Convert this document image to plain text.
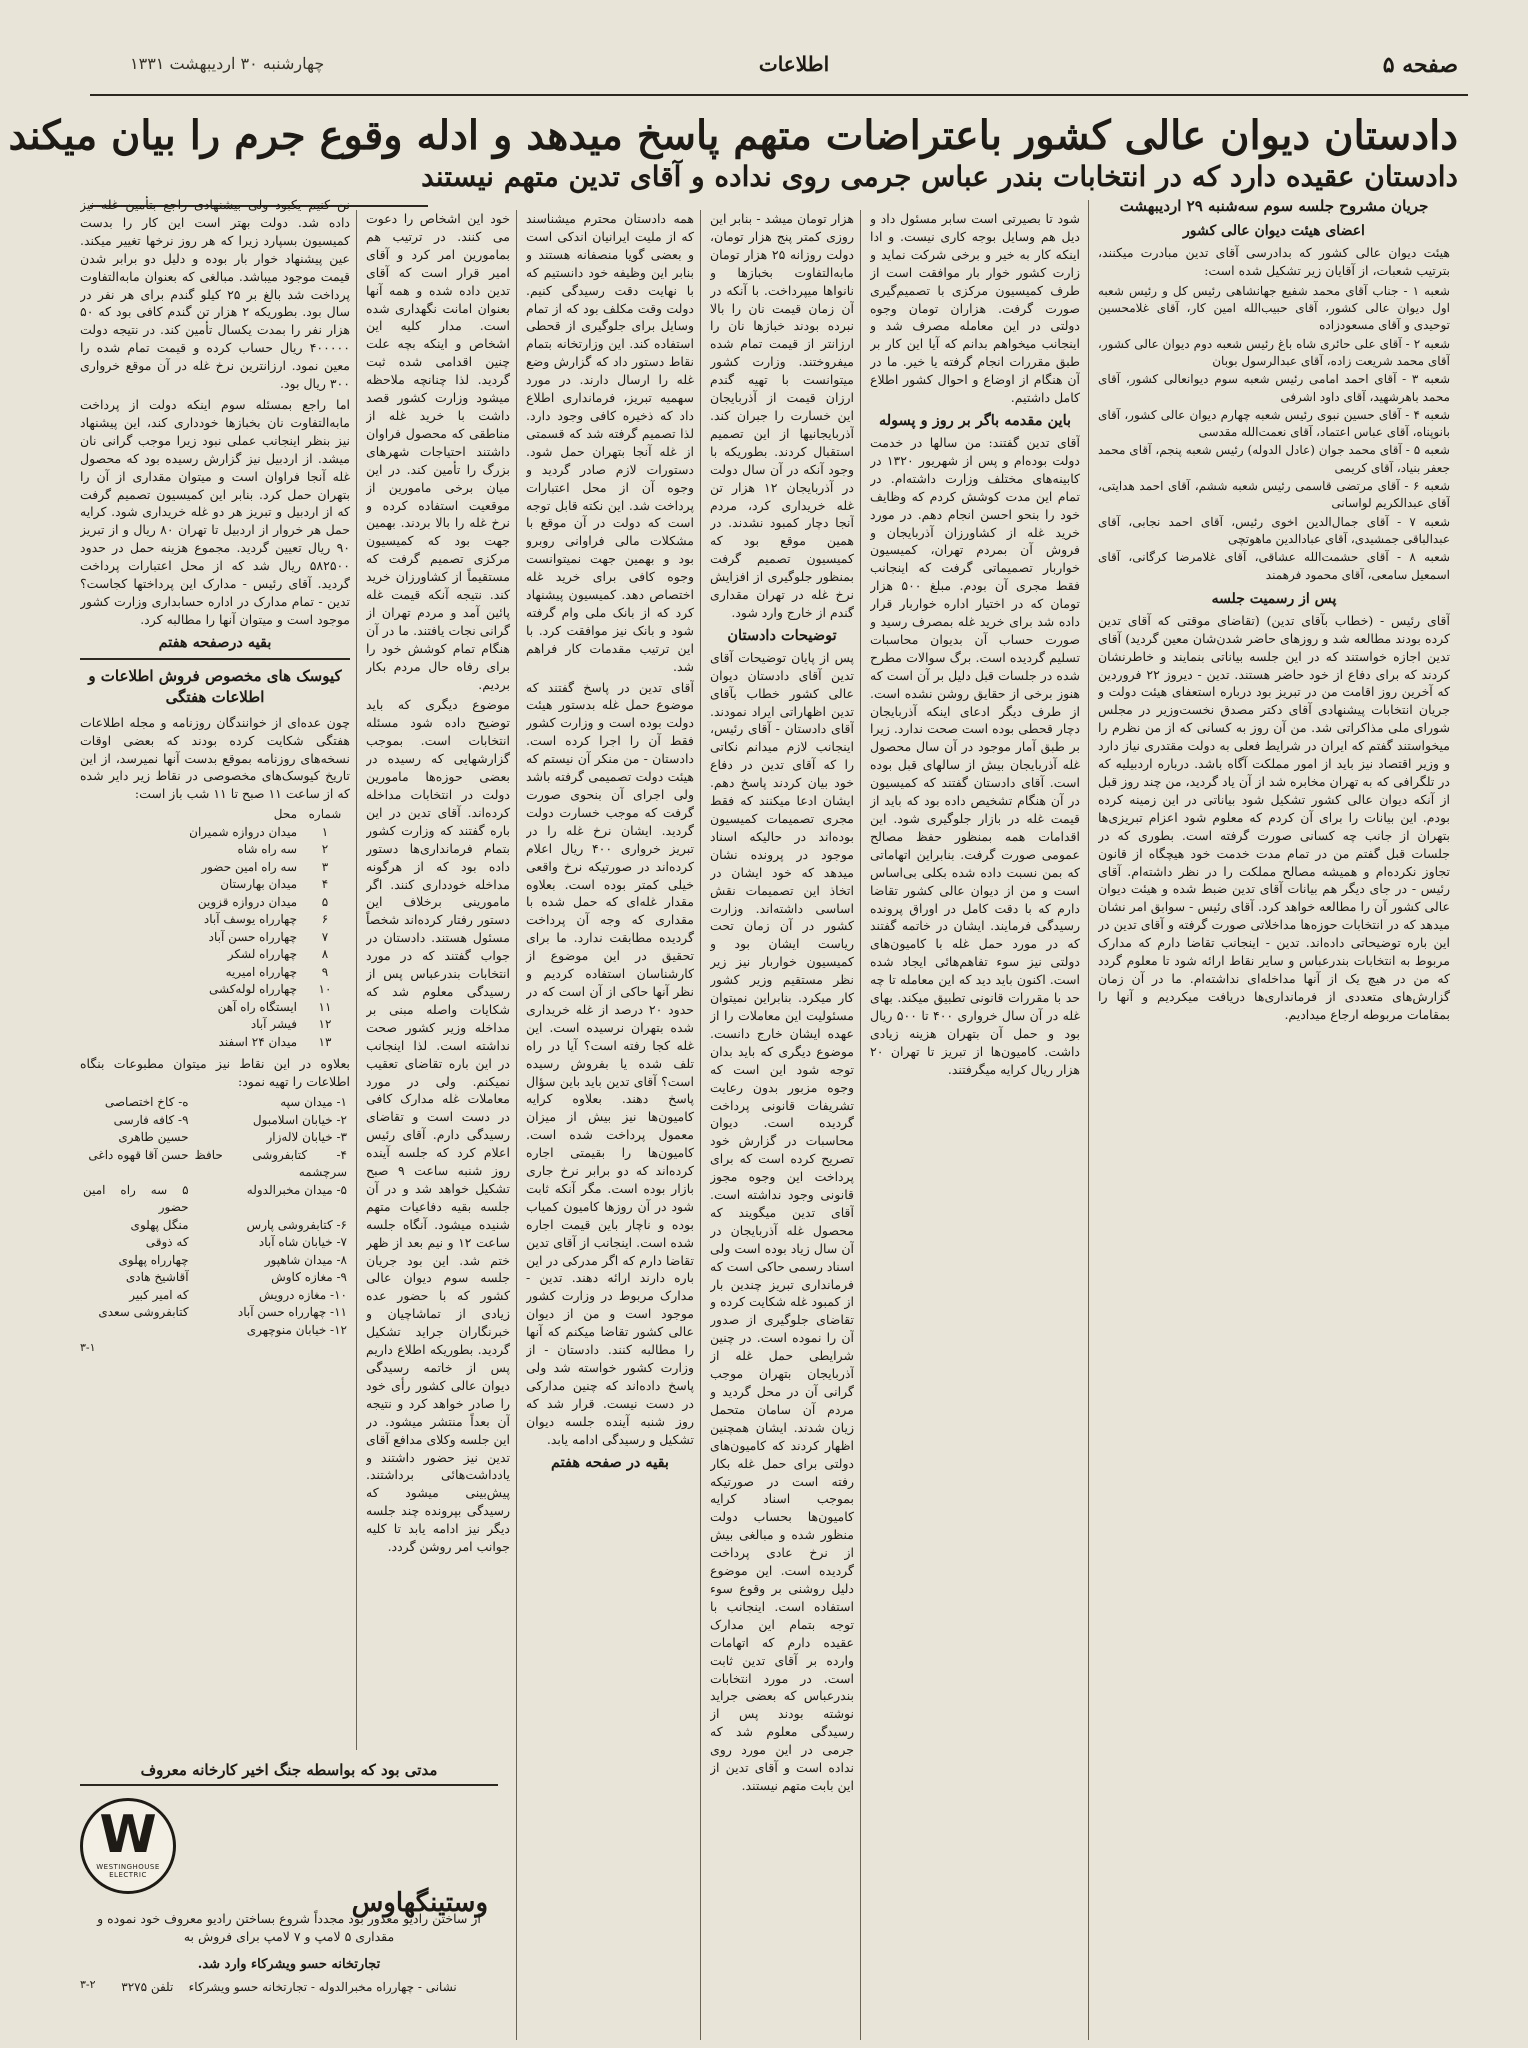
صفحه ۵
اطلاعات
چهارشنبه ۳۰ اردیبهشت ۱۳۳۱
دادستان دیوان عالی کشور باعتراضات متهم پاسخ میدهد و ادله وقوع جرم را بیان میکند
دادستان عقیده دارد که در انتخابات بندر عباس جرمی روی نداده و آقای تدین متهم نیستند
جریان مشروح جلسه سوم سه‌شنبه ۲۹ اردیبهشت
اعضای هیئت دیوان عالی کشور

هیئت دیوان عالی کشور که بدادرسی آقای تدین مبادرت میکنند، بترتیب شعبات، از آقایان زیر تشکیل شده است:

شعبه ۱ - جناب آقای محمد شفیع جهانشاهی رئیس کل و رئیس شعبه اول دیوان عالی کشور، آقای حبیب‌الله امین کار، آقای غلامحسین توحیدی و آقای مسعودزاده
شعبه ۲ - آقای علی حائری شاه باغ رئیس شعبه دوم دیوان عالی کشور، آقای محمد شریعت زاده، آقای عبدالرسول بوبان
شعبه ۳ - آقای احمد امامی رئیس شعبه سوم دیوانعالی کشور، آقای محمد باهرشهید، آقای داود اشرفی
شعبه ۴ - آقای حسین نبوی رئیس شعبه چهارم دیوان عالی کشور، آقای بانوپناه، آقای عباس اعتماد، آقای نعمت‌الله مقدسی
شعبه ۵ - آقای محمد جوان (عادل الدوله) رئیس شعبه پنجم، آقای محمد جعفر بنیاد، آقای کریمی
شعبه ۶ - آقای مرتضی قاسمی رئیس شعبه ششم، آقای احمد هدایتی، آقای عبدالکریم لواسانی
شعبه ۷ - آقای جمال‌الدین اخوی رئیس، آقای احمد نجابی، آقای عبدالباقی جمشیدی، آقای عبادالدین ماهوتچی
شعبه ۸ - آقای حشمت‌الله عشاقی، آقای غلامرضا کرگانی، آقای اسمعیل سامعی، آقای محمود فرهمند
پس از رسمیت جلسه

آقای رئیس - (خطاب بآقای تدین) (تقاضای موقتی که آقای تدین کرده بودند مطالعه شد و روزهای حاضر شدن‌شان معین گردید) آقای تدین اجازه خواستند که در این جلسه بیاناتی بنمایند و خاطرنشان کردند که برای دفاع از خود حاضر هستند. تدین - دیروز ۲۲ فروردین که آخرین روز اقامت من در تبریز بود درباره استعفای هیئت دولت و جریان انتخابات پیشنهادی آقای دکتر مصدق نخست‌وزیر در مجلس شورای ملی مذاکراتی شد. من آن روز به کسانی که از من نظرم را میخواستند گفتم که ایران در شرایط فعلی به دولت مقتدری نیاز دارد و وزیر اقتصاد نیز باید از امور مملکت آگاه باشد. درباره اردبیلیه که در تلگرافی که به تهران مخابره شد از آن یاد گردید، من چند روز قبل از آنکه دیوان عالی کشور تشکیل شود بیاناتی در این زمینه کرده بودم. این بیانات را برای آن کردم که معلوم شود اعزام تبریزی‌ها بتهران از جانب چه کسانی صورت گرفته است. بطوری که در جلسات قبل گفتم من در تمام مدت خدمت خود هیچگاه از قانون تجاوز نکرده‌ام و همیشه مصالح مملکت را در نظر داشته‌ام. آقای رئیس - در جای دیگر هم بیانات آقای تدین ضبط شده و هیئت دیوان عالی کشور آن را مطالعه خواهد کرد. آقای رئیس - سوابق امر نشان میدهد که در انتخابات حوزه‌ها مداخلاتی صورت گرفته و آقای تدین در این باره توضیحاتی داده‌اند. تدین - اینجانب تقاضا دارم که مدارک مربوط به انتخابات بندرعباس و سایر نقاط ارائه شود تا معلوم گردد که من در هیچ یک از آنها مداخله‌ای نداشته‌ام. ما در آن زمان گزارش‌های متعددی از فرمانداری‌ها دریافت میکردیم و آنها را بمقامات مربوطه ارجاع میدادیم.

شود تا بصیرتی است سابر مسئول داد و دیل هم وسایل بوجه کاری نیست. و ادا اینکه کار به خیر و برخی شرکت نماید و زارت کشور خوار بار موافقت است از طرف کمیسیون مرکزی با تصمیم‌گیری صورت گرفت. هزاران تومان وجوه دولتی در این معامله مصرف شد و اینجانب میخواهم بدانم که آیا این کار بر طبق مقررات انجام گرفته یا خیر. ما در آن هنگام از اوضاع و احوال کشور اطلاع کامل داشتیم.

باین مقدمه باگر بر روز و پسوله

آقای تدین گفتند: من سالها در خدمت دولت بوده‌ام و پس از شهریور ۱۳۲۰ در کابینه‌های مختلف وزارت داشته‌ام. در تمام این مدت کوشش کردم که وظایف خود را بنحو احسن انجام دهم. در مورد خرید غله از کشاورزان آذربایجان و فروش آن بمردم تهران، کمیسیون خواربار تصمیماتی گرفت که اینجانب فقط مجری آن بودم. مبلغ ۵۰۰ هزار تومان که در اختیار اداره خواربار قرار داده شد برای خرید غله بمصرف رسید و صورت حساب آن بدیوان محاسبات تسلیم گردیده است. برگ سوالات مطرح شده در جلسات قبل دلیل بر آن است که هنوز برخی از حقایق روشن نشده است. از طرف دیگر ادعای اینکه آذربایجان دچار قحطی بوده است صحت ندارد. زیرا بر طبق آمار موجود در آن سال محصول غله آذربایجان بیش از سالهای قبل بوده است. آقای دادستان گفتند که کمیسیون در آن هنگام تشخیص داده بود که باید از قیمت غله در بازار جلوگیری شود. این اقدامات همه بمنظور حفظ مصالح عمومی صورت گرفت. بنابراین اتهاماتی که بمن نسبت داده شده بکلی بی‌اساس است و من از دیوان عالی کشور تقاضا دارم که با دقت کامل در اوراق پرونده رسیدگی فرمایند. ایشان در خاتمه گفتند که در مورد حمل غله با کامیون‌های دولتی نیز سوء تفاهم‌هائی ایجاد شده است. اکنون باید دید که این معامله تا چه حد با مقررات قانونی تطبیق میکند. بهای غله در آن سال خرواری ۴۰۰ تا ۵۰۰ ریال بود و حمل آن بتهران هزینه زیادی داشت. کامیون‌ها از تبریز تا تهران ۲۰ هزار ریال کرایه میگرفتند.

هزار تومان میشد - بنابر این روزی کمتر پنج هزار تومان، دولت روزانه ۲۵ هزار تومان مابه‌التفاوت بخبازها و نانواها میپرداخت. با آنکه در آن زمان قیمت نان را بالا نبرده بودند خبازها نان را ارزانتر از قیمت تمام شده میفروختند. وزارت کشور میتوانست با تهیه گندم ارزان قیمت از آذربایجان این خسارت را جبران کند. آذربایجانیها از این تصمیم استقبال کردند. بطوریکه با وجود آنکه در آن سال دولت در آذربایجان ۱۲ هزار تن غله خریداری کرد، مردم آنجا دچار کمبود نشدند. در همین موقع بود که کمیسیون تصمیم گرفت بمنظور جلوگیری از افزایش نرخ غله در تهران مقداری گندم از خارج وارد شود.

توضیحات دادستان

پس از پایان توضیحات آقای تدین آقای دادستان دیوان عالی کشور خطاب بآقای تدین اظهاراتی ایراد نمودند. آقای دادستان - آقای رئیس، اینجانب لازم میدانم نکاتی را که آقای تدین در دفاع خود بیان کردند پاسخ دهم. ایشان ادعا میکنند که فقط مجری تصمیمات کمیسیون بوده‌اند در حالیکه اسناد موجود در پرونده نشان میدهد که خود ایشان در اتخاذ این تصمیمات نقش اساسی داشته‌اند. وزارت کشور در آن زمان تحت ریاست ایشان بود و کمیسیون خواربار نیز زیر نظر مستقیم وزیر کشور کار میکرد. بنابراین نمیتوان مسئولیت این معاملات را از عهده ایشان خارج دانست. موضوع دیگری که باید بدان توجه شود این است که وجوه مزبور بدون رعایت تشریفات قانونی پرداخت گردیده است. دیوان محاسبات در گزارش خود تصریح کرده است که برای پرداخت این وجوه مجوز قانونی وجود نداشته است. آقای تدین میگویند که محصول غله آذربایجان در آن سال زیاد بوده است ولی اسناد رسمی حاکی است که فرمانداری تبریز چندین بار از کمبود غله شکایت کرده و تقاضای جلوگیری از صدور آن را نموده است. در چنین شرایطی حمل غله از آذربایجان بتهران موجب گرانی آن در محل گردید و مردم آن سامان متحمل زیان شدند. ایشان همچنین اظهار کردند که کامیون‌های دولتی برای حمل غله بکار رفته است در صورتیکه بموجب اسناد کرایه کامیون‌ها بحساب دولت منظور شده و مبالغی بیش از نرخ عادی پرداخت گردیده است. این موضوع دلیل روشنی بر وقوع سوء استفاده است. اینجانب با توجه بتمام این مدارک عقیده دارم که اتهامات وارده بر آقای تدین ثابت است. در مورد انتخابات بندرعباس که بعضی جراید نوشته بودند پس از رسیدگی معلوم شد که جرمی در این مورد روی نداده است و آقای تدین از این بابت متهم نیستند.

همه دادستان محترم میشناسند که از ملیت ایرانیان اندکی است و بعضی گویا منصفانه هستند و بنابر این وظیفه خود دانستیم که با نهایت دقت رسیدگی کنیم. دولت وقت مکلف بود که از تمام وسایل برای جلوگیری از قحطی استفاده کند. این وزارتخانه بتمام نقاط دستور داد که گزارش وضع غله را ارسال دارند. در مورد سهمیه تبریز، فرمانداری اطلاع داد که ذخیره کافی وجود دارد. لذا تصمیم گرفته شد که قسمتی از غله آنجا بتهران حمل شود. دستورات لازم صادر گردید و وجوه آن از محل اعتبارات پرداخت شد. این نکته قابل توجه است که دولت در آن موقع با مشکلات مالی فراوانی روبرو بود و بهمین جهت نمیتوانست وجوه کافی برای خرید غله اختصاص دهد. کمیسیون پیشنهاد کرد که از بانک ملی وام گرفته شود و بانک نیز موافقت کرد. با این ترتیب مقدمات کار فراهم شد.

آقای تدین در پاسخ گفتند که موضوع حمل غله بدستور هیئت دولت بوده است و وزارت کشور فقط آن را اجرا کرده است. دادستان - من منکر آن نیستم که هیئت دولت تصمیمی گرفته باشد ولی اجرای آن بنحوی صورت گرفت که موجب خسارت دولت گردید. ایشان نرخ غله را در تبریز خرواری ۴۰۰ ریال اعلام کرده‌اند در صورتیکه نرخ واقعی خیلی کمتر بوده است. بعلاوه مقدار غله‌ای که حمل شده با مقداری که وجه آن پرداخت گردیده مطابقت ندارد. ما برای تحقیق در این موضوع از کارشناسان استفاده کردیم و نظر آنها حاکی از آن است که در حدود ۲۰ درصد از غله خریداری شده بتهران نرسیده است. این غله کجا رفته است؟ آیا در راه تلف شده یا بفروش رسیده است؟ آقای تدین باید باین سؤال پاسخ دهند. بعلاوه کرایه کامیون‌ها نیز بیش از میزان معمول پرداخت شده است. کامیون‌ها را بقیمتی اجاره کرده‌اند که دو برابر نرخ جاری بازار بوده است. مگر آنکه ثابت شود در آن روزها کامیون کمیاب بوده و ناچار باین قیمت اجاره شده است. اینجانب از آقای تدین تقاضا دارم که اگر مدرکی در این باره دارند ارائه دهند. تدین - مدارک مربوط در وزارت کشور موجود است و من از دیوان عالی کشور تقاضا میکنم که آنها را مطالبه کنند. دادستان - از وزارت کشور خواسته شد ولی پاسخ داده‌اند که چنین مدارکی در دست نیست. قرار شد که روز شنبه آینده جلسه دیوان تشکیل و رسیدگی ادامه یابد.

بقیه در صفحه هفتم

خود این اشخاص را دعوت می کنند. در ترتیب هم بمامورین امر کرد و آقای امیر قرار است که آقای تدین داده شده و همه آنها بعنوان امانت نگهداری شده است. مدار کلیه این اشخاص و اینکه بچه علت چنین اقدامی شده ثبت گردید. لذا چنانچه ملاحظه میشود وزارت کشور قصد داشت با خرید غله از مناطقی که محصول فراوان داشتند احتیاجات شهرهای بزرگ را تأمین کند. در این میان برخی مامورین از موقعیت استفاده کرده و نرخ غله را بالا بردند. بهمین جهت بود که کمیسیون مرکزی تصمیم گرفت که مستقیماً از کشاورزان خرید کند. نتیجه آنکه قیمت غله پائین آمد و مردم تهران از گرانی نجات یافتند. ما در آن هنگام تمام کوشش خود را برای رفاه حال مردم بکار بردیم.

موضوع دیگری که باید توضیح داده شود مسئله انتخابات است. بموجب گزارشهایی که رسیده در بعضی حوزه‌ها مامورین دولت در انتخابات مداخله کرده‌اند. آقای تدین در این باره گفتند که وزارت کشور بتمام فرمانداری‌ها دستور داده بود که از هرگونه مداخله خودداری کنند. اگر مامورینی برخلاف این دستور رفتار کرده‌اند شخصاً مسئول هستند. دادستان در جواب گفتند که در مورد انتخابات بندرعباس پس از رسیدگی معلوم شد که شکایات واصله مبنی بر مداخله وزیر کشور صحت نداشته است. لذا اینجانب در این باره تقاضای تعقیب نمیکنم. ولی در مورد معاملات غله مدارک کافی در دست است و تقاضای رسیدگی دارم. آقای رئیس اعلام کرد که جلسه آینده روز شنبه ساعت ۹ صبح تشکیل خواهد شد و در آن جلسه بقیه دفاعیات متهم شنیده میشود. آنگاه جلسه ساعت ۱۲ و نیم بعد از ظهر ختم شد. این بود جریان جلسه سوم دیوان عالی کشور که با حضور عده زیادی از تماشاچیان و خبرنگاران جراید تشکیل گردید. بطوریکه اطلاع داریم پس از خاتمه رسیدگی دیوان عالی کشور رأی خود را صادر خواهد کرد و نتیجه آن بعداً منتشر میشود. در این جلسه وکلای مدافع آقای تدین نیز حضور داشتند و یادداشت‌هائی برداشتند. پیش‌بینی میشود که رسیدگی بپرونده چند جلسه دیگر نیز ادامه یابد تا کلیه جوانب امر روشن گردد.

نن کنیم یکبود ولی بیشنهادی راجع بتأمین غله نیز داده شد. دولت بهتر است این کار را بدست کمیسیون بسپارد زیرا که هر روز نرخها تغییر میکند. عین پیشنهاد خوار بار بوده و دلیل دو برابر شدن قیمت موجود میباشد. مبالغی که بعنوان مابه‌التفاوت پرداخت شد بالغ بر ۲۵ کیلو گندم برای هر نفر در سال بود. بطوریکه ۲ هزار تن گندم کافی بود که ۵۰ هزار نفر را بمدت یکسال تأمین کند. در نتیجه دولت ۴۰۰۰۰۰ ریال حساب کرده و قیمت تمام شده را معین نمود. ارزانترین نرخ غله در آن موقع خرواری ۳۰۰ ریال بود.

اما راجع بمسئله سوم اینکه دولت از پرداخت مابه‌التفاوت نان بخبازها خودداری کند، این پیشنهاد نیز بنظر اینجانب عملی نبود زیرا موجب گرانی نان میشد. از اردبیل نیز گزارش رسیده بود که محصول غله آنجا فراوان است و میتوان مقداری از آن را بتهران حمل کرد. بنابر این کمیسیون تصمیم گرفت که از اردبیل و تبریز هر دو غله خریداری شود. کرایه حمل هر خروار از اردبیل تا تهران ۸۰ ریال و از تبریز ۹۰ ریال تعیین گردید. مجموع هزینه حمل در حدود ۵۸۲۵۰۰ ریال شد که از محل اعتبارات پرداخت گردید. آقای رئیس - مدارک این پرداختها کجاست؟ تدین - تمام مدارک در اداره حسابداری وزارت کشور موجود است و میتوان آنها را مطالبه کرد.

بقیه درصفحه هفتم
کیوسک های مخصوص فروش اطلاعات و اطلاعات هفتگی

چون عده‌ای از خوانندگان روزنامه و مجله اطلاعات هفتگی شکایت کرده بودند که بعضی اوقات نسخه‌های روزنامه بموقع بدست آنها نمیرسد، از این تاریخ کیوسک‌های مخصوصی در نقاط زیر دایر شده که از ساعت ۱۱ صبح تا ۱۱ شب باز است:

شماره	محل
۱	میدان دروازه شمیران
۲	سه راه شاه
۳	سه راه امین حضور
۴	میدان بهارستان
۵	میدان دروازه قزوین
۶	چهارراه یوسف آباد
۷	چهارراه حسن آباد
۸	چهارراه لشکر
۹	چهارراه امیریه
۱۰	چهارراه لوله‌کشی
۱۱	ایستگاه راه آهن
۱۲	فیشر آباد
۱۳	میدان ۲۴ اسفند

بعلاوه در این نقاط نیز میتوان مطبوعات بنگاه اطلاعات را تهیه نمود:

۱- میدان سپه	ه- کاخ اختصاصی
۲- خیابان اسلامبول	۹- کافه فارسی
۳- خیابان لاله‌زار	حسین طاهری
۴- کتابفروشی حافظ سرچشمه	حسن آقا قهوه داغی
۵- میدان مخبرالدوله	۵ سه راه امین حضور
۶- کتابفروشی پارس	منگل پهلوی
۷- خیابان شاه آباد	که ذوقی
۸- میدان شاهپور	چهارراه پهلوی
۹- مغازه کاوش	آقاشیخ هادی
۱۰- مغازه درویش	که امیر کبیر
۱۱- چهارراه حسن آباد	کتابفروشی سعدی
۱۲- خیابان منوچهری	
۳-۱
مدتی بود که بواسطه جنگ اخیر کارخانه معروف
W
WESTINGHOUSE ELECTRIC
وستینگهاوس
از ساختن رادیو معذور بود مجدداً شروع بساختن رادیو معروف خود نموده و مقداری ۵ لامپ و ۷ لامپ برای فروش به
تجارتخانه حسو ویشرکاء وارد شد.
نشانی - چهارراه مخبرالدوله - تجارتخانه حسو ویشرکاء    تلفن ۳۲۷۵
۳-۲
